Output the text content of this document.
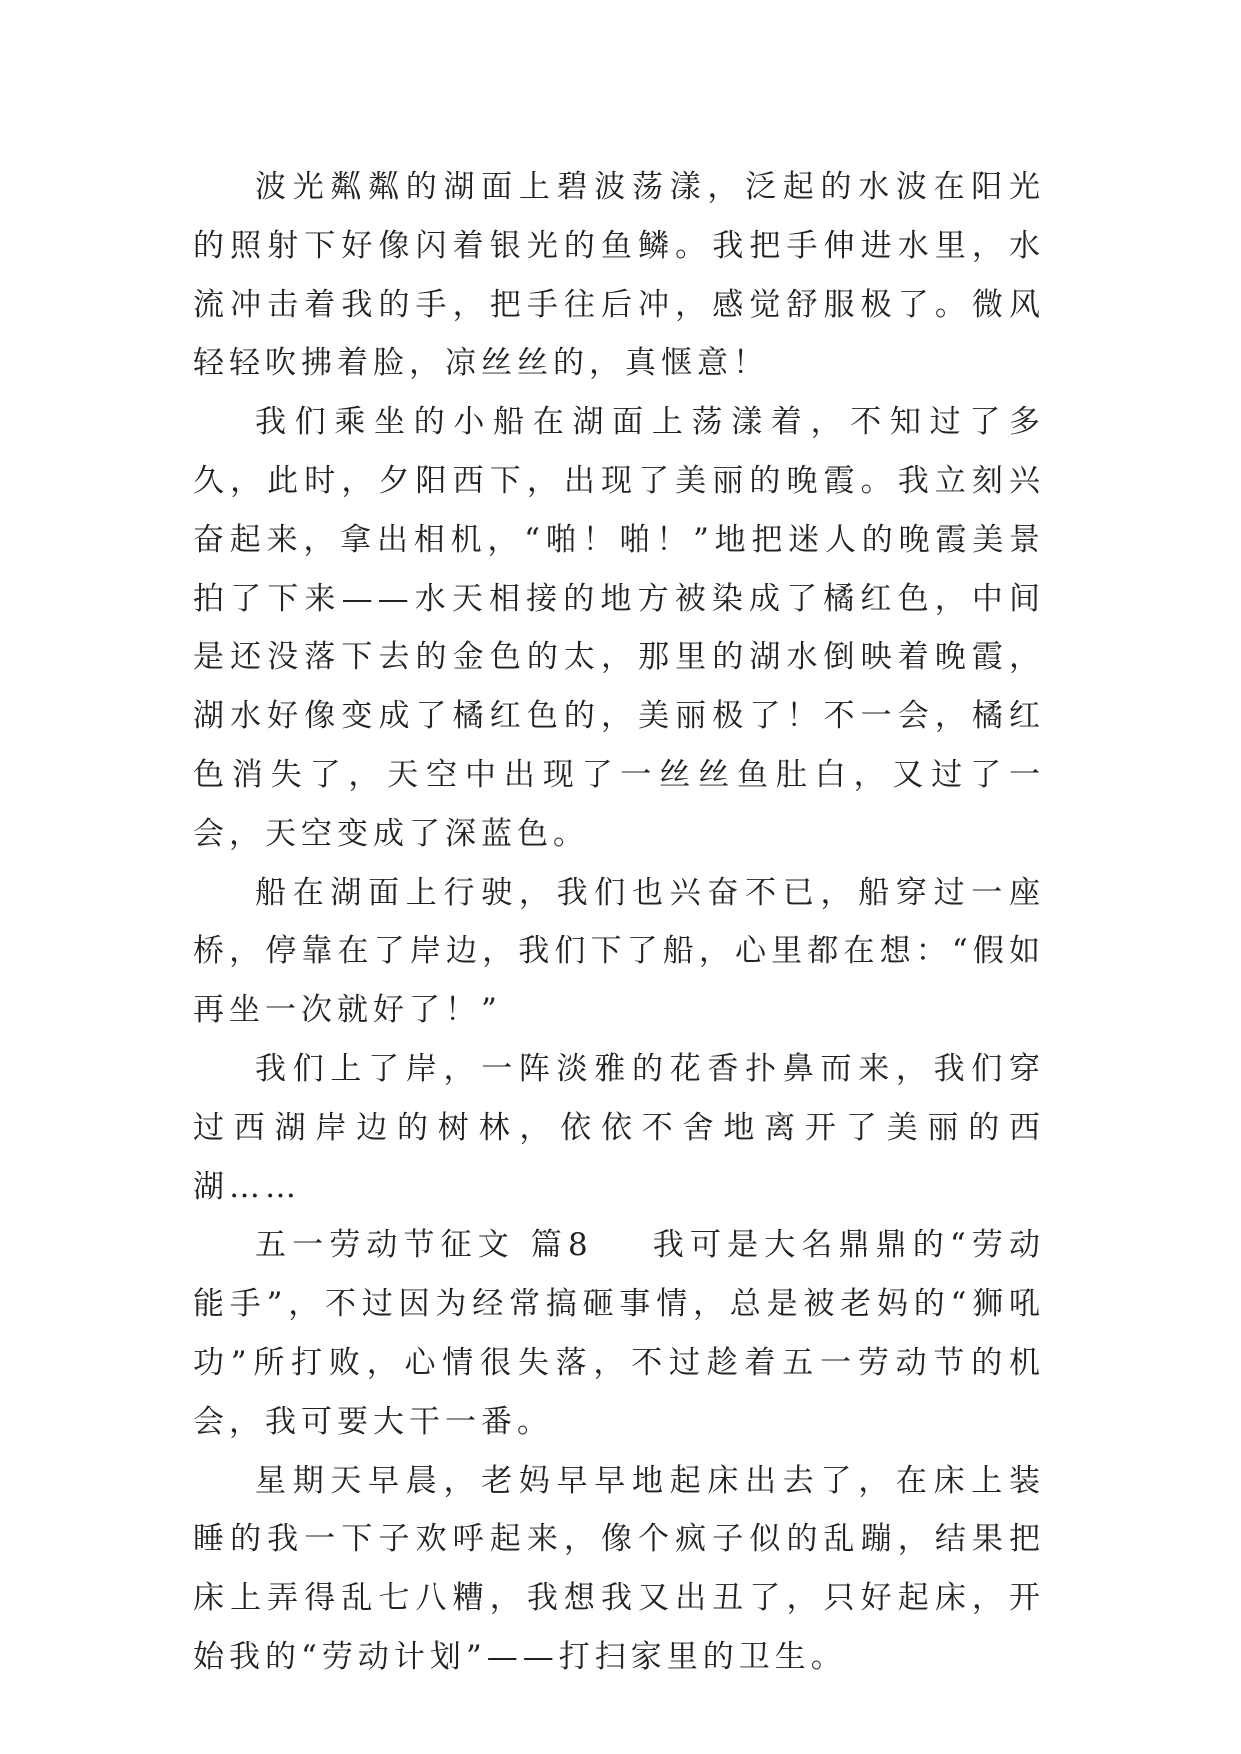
波光粼粼的湖面上碧波荡漾，泛起的水波在阳光的照射下好像闪着银光的鱼鳞。我把手伸进水里，水流冲击着我的手，把手往后冲，感觉舒服极了。微风轻轻吹拂着脸，凉丝丝的，真惬意！

我们乘坐的小船在湖面上荡漾着，不知过了多久，此时，夕阳西下，出现了美丽的晚霞。我立刻兴奋起来，拿出相机，“啪！啪！”地把迷人的晚霞美景拍了下来——水天相接的地方被染成了橘红色，中间是还没落下去的金色的太，那里的湖水倒映着晚霞，湖水好像变成了橘红色的，美丽极了！不一会，橘红色消失了，天空中出现了一丝丝鱼肚白，又过了一会，天空变成了深蓝色。

船在湖面上行驶，我们也兴奋不已，船穿过一座桥，停靠在了岸边，我们下了船，心里都在想：“假如再坐一次就好了！”

我们上了岸，一阵淡雅的花香扑鼻而来，我们穿过西湖岸边的树林，依依不舍地离开了美丽的西湖……

五一劳动节征文 篇8 我可是大名鼎鼎的“劳动能手”，不过因为经常搞砸事情，总是被老妈的“狮吼功”所打败，心情很失落，不过趁着五一劳动节的机会，我可要大干一番。

星期天早晨，老妈早早地起床出去了，在床上装睡的我一下子欢呼起来，像个疯子似的乱蹦，结果把床上弄得乱七八糟，我想我又出丑了，只好起床，开始我的“劳动计划”——打扫家里的卫生。
